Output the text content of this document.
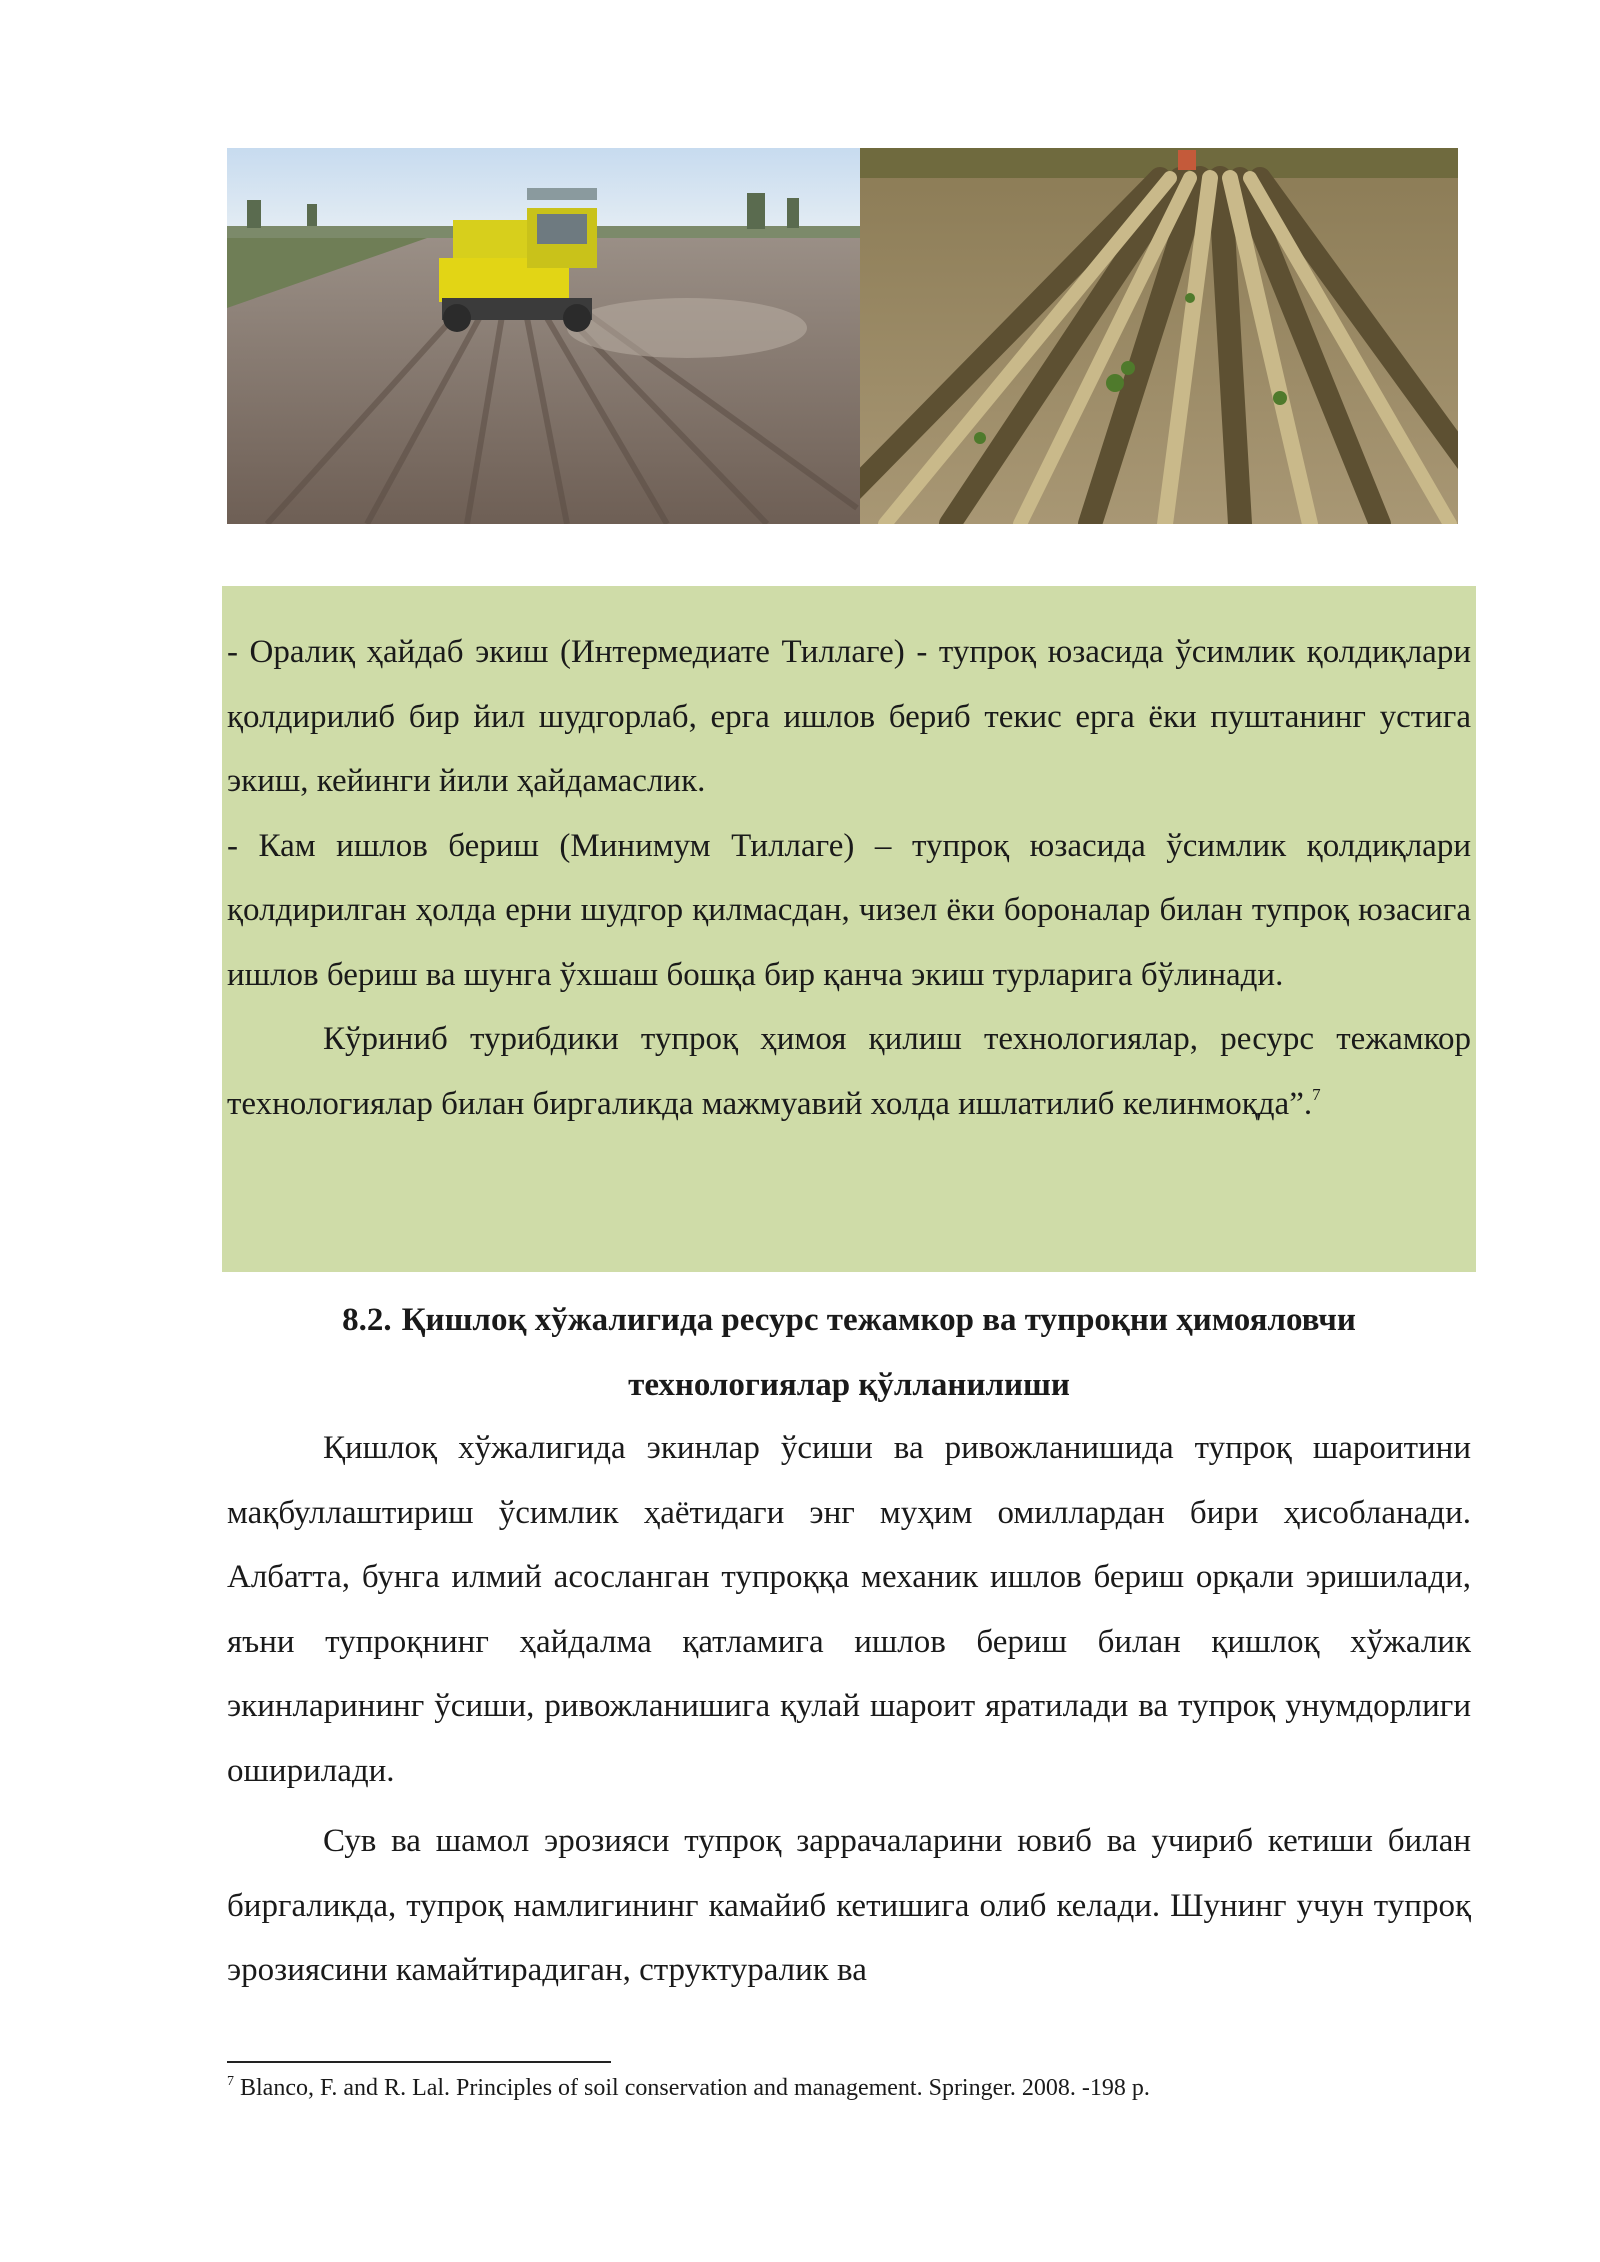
- Оралиқ ҳайдаб экиш (Интермедиате Тиллаге) - тупроқ юзасида ўсимлик қолдиқлари қолдирилиб бир йил шудгорлаб, ерга ишлов бериб текис ерга ёки пуштанинг устига экиш, кейинги йили ҳайдамаслик.

- Кам ишлов бериш (Минимум Тиллаге) – тупроқ юзасида ўсимлик қолдиқлари қолдирилган ҳолда ерни шудгор қилмасдан, чизел ёки бороналар билан тупроқ юзасига ишлов бериш ва шунга ўхшаш бошқа бир қанча экиш турларига бўлинади.

Кўриниб турибдики тупроқ ҳимоя қилиш технологиялар, ресурс тежамкор технологиялар билан биргаликда мажмуавий холда ишлатилиб келинмоқда”.$^7$

8.2. Қишлоқ хўжалигида ресурс тежамкор ва тупроқни ҳимояловчи
технологиялар қўлланилиши

Қишлоқ хўжалигида экинлар ўсиши ва ривожланишида тупроқ шароитини мақбуллаштириш ўсимлик ҳаётидаги энг муҳим омиллардан бири ҳисобланади. Албатта, бунга илмий асосланган тупроққа механик ишлов бериш орқали эришилади, яъни тупроқнинг ҳайдалма қатламига ишлов бериш билан қишлоқ хўжалик экинларининг ўсиши, ривожланишига қулай шароит яратилади ва тупроқ унумдорлиги оширилади.

Сув ва шамол эрозияси тупроқ заррачаларини ювиб ва учириб кетиши билан биргаликда, тупроқ намлигининг камайиб кетишига олиб келади. Шунинг учун тупроқ эрозиясини камайтирадиган, структуралик ва

$^7$ Blanco, F. and R. Lal. Principles of soil conservation and management. Springer. 2008. -198 p.
